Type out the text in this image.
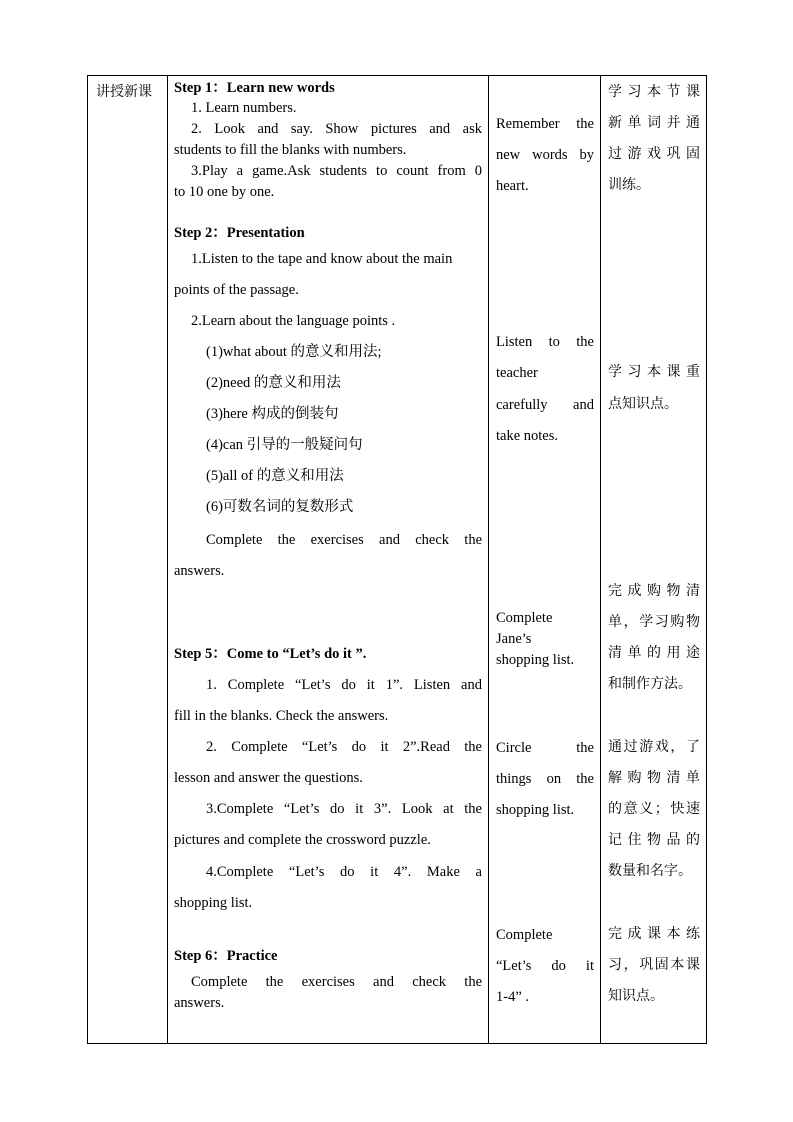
讲授新课 Step 1：Learn new words
1. Learn numbers.
2. Look and say. Show pictures and ask
students to fill the blanks with numbers.
3.Play a game.Ask students to count from 0
to 10 one by one.
Step 2：Presentation
1.Listen to the tape and know about the main
points of the passage.
2.Learn about the language points .
(1)what about 的意义和用法;
(2)need 的意义和用法
(3)here 构成的倒装句
(4)can 引导的一般疑问句
(5)all of 的意义和用法
(6)可数名词的复数形式
Complete the exercises and check the
answers.
Step 5：Come to “Let’s do it ”.
1. Complete “Let’s do it 1”. Listen and
fill in the blanks. Check the answers.
2. Complete “Let’s do it 2”.Read the
lesson and answer the questions.
3.Complete “Let’s do it 3”. Look at the
pictures and complete the crossword puzzle.
4.Complete “Let’s do it 4”. Make a
shopping list.
Step 6：Practice
Complete the exercises and check the
answers.
Remember the
new words by
heart.
Listen to the
teacher
carefully and
take notes.
Complete
Jane’s
shopping list.
Circle the
things on the
shopping list.
Complete
“Let’s do it
1-4” .
学习本节课
新单词并通
过游戏巩固
训练。
学习本课重
点知识点。
完成购物清
单，学习购物
清单的用途
和制作方法。
通过游戏，了
解购物清单
的意义；快速
记住物品的
数量和名字。
完成课本练
习，巩固本课
知识点。
